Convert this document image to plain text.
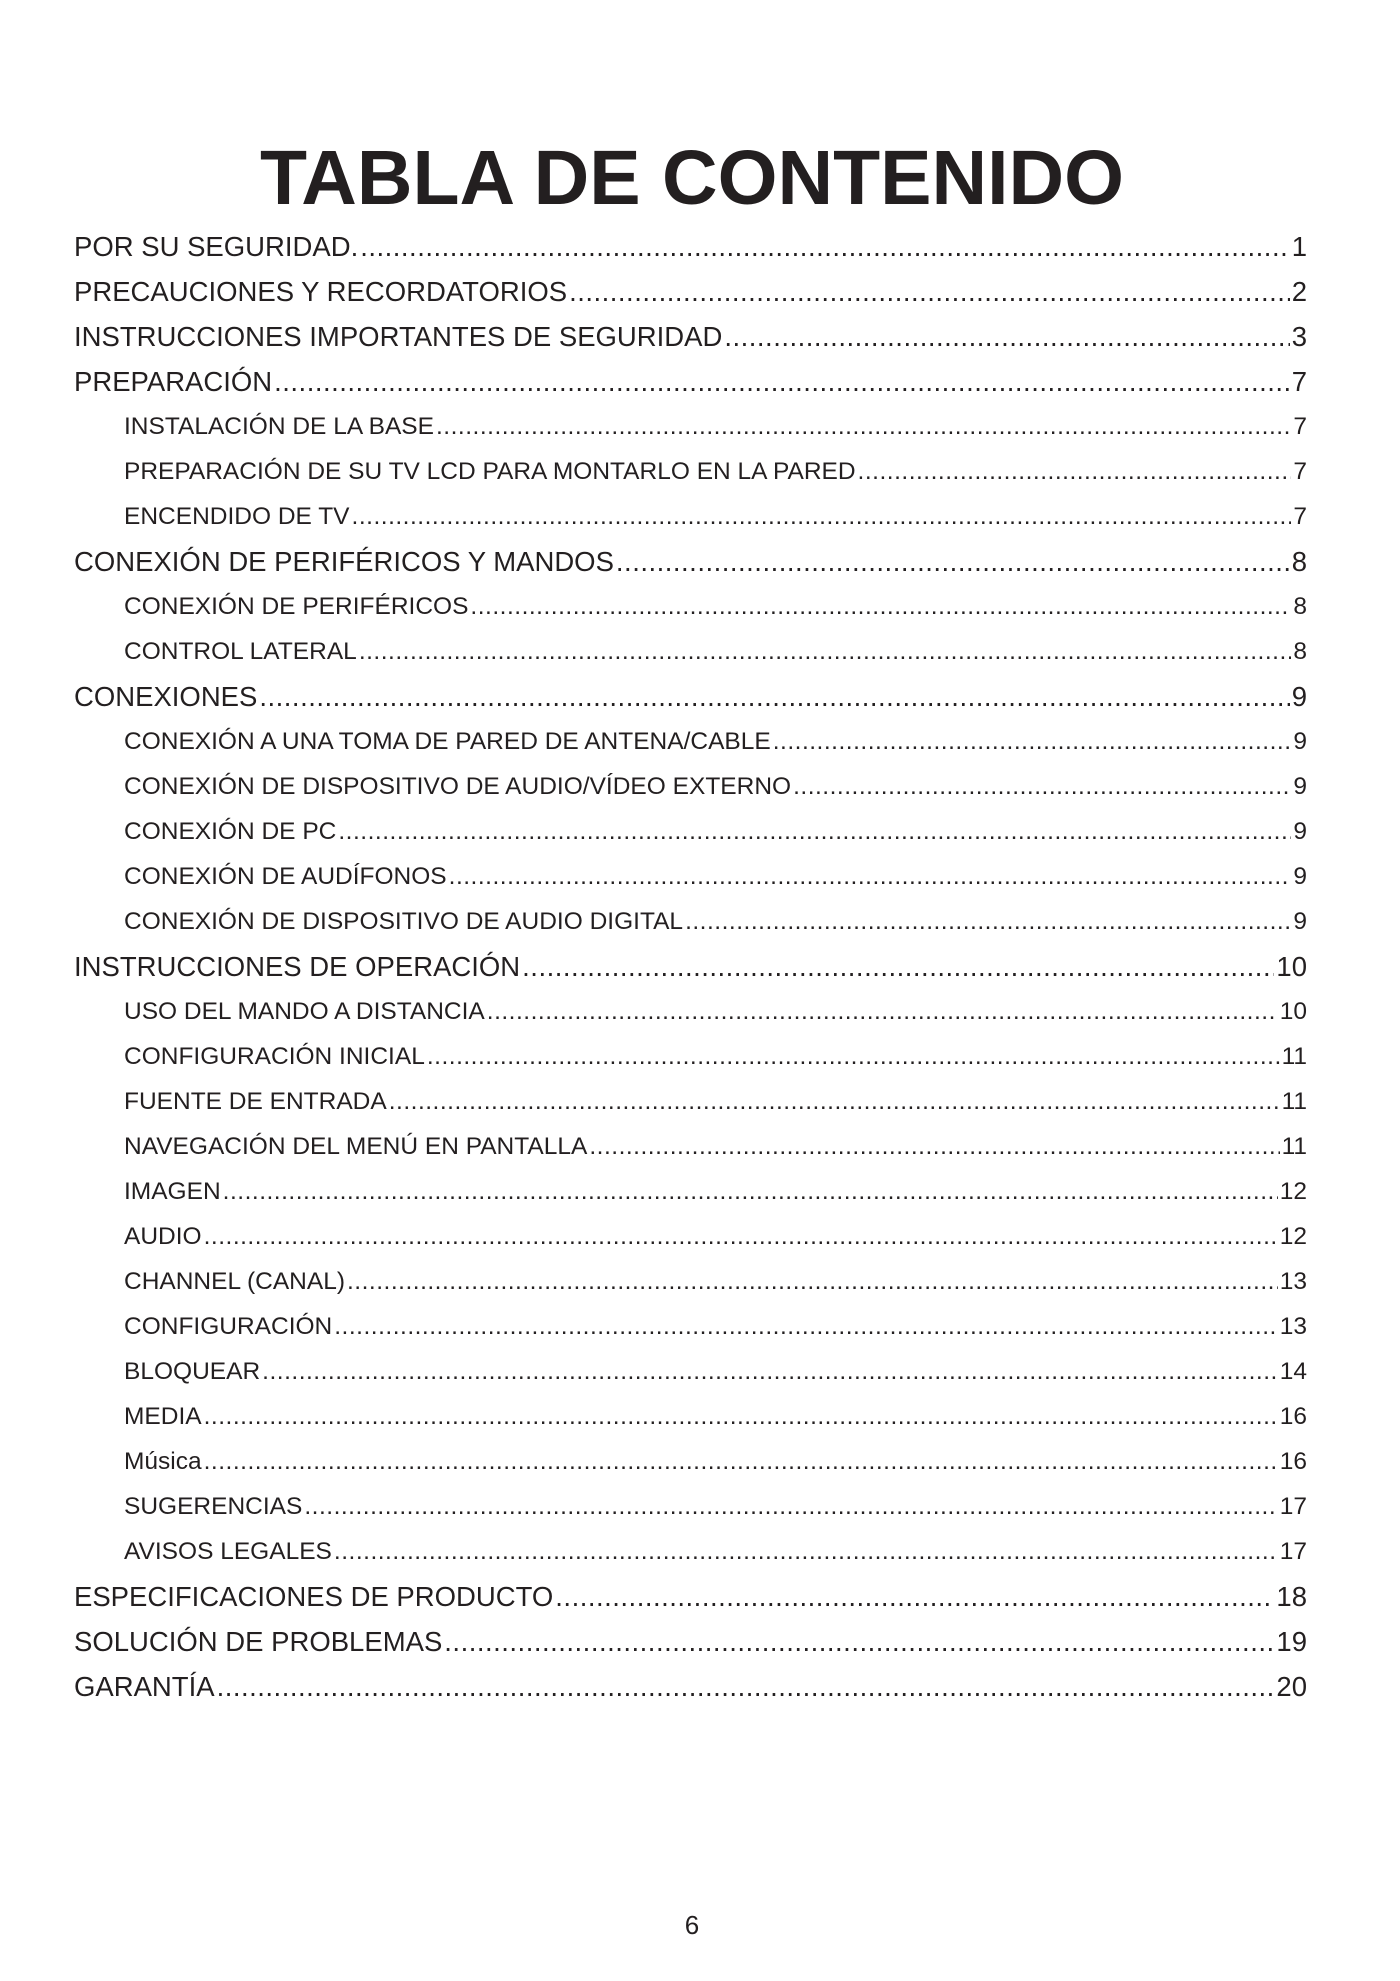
TABLA DE CONTENIDO
POR SU SEGURIDAD. .....	1
PRECAUCIONES Y RECORDATORIOS .....	2
INSTRUCCIONES IMPORTANTES DE SEGURIDAD .....	3
PREPARACIÓN .....	7
INSTALACIÓN DE LA BASE .....	7
PREPARACIÓN DE SU TV LCD PARA MONTARLO EN LA PARED .....	7
ENCENDIDO DE TV .....	7
CONEXIÓN DE PERIFÉRICOS Y MANDOS .....	8
CONEXIÓN DE PERIFÉRICOS .....	8
CONTROL LATERAL .....	8
CONEXIONES .....	9
CONEXIÓN A UNA TOMA DE PARED DE ANTENA/CABLE .....	9
CONEXIÓN DE DISPOSITIVO DE AUDIO/VÍDEO EXTERNO .....	9
CONEXIÓN DE PC .....	9
CONEXIÓN DE AUDÍFONOS .....	9
CONEXIÓN DE DISPOSITIVO DE AUDIO DIGITAL .....	9
INSTRUCCIONES DE OPERACIÓN .....	10
USO DEL MANDO A DISTANCIA .....	10
CONFIGURACIÓN INICIAL .....	11
FUENTE DE ENTRADA .....	11
NAVEGACIÓN DEL MENÚ EN PANTALLA .....	11
IMAGEN .....	12
AUDIO .....	12
CHANNEL (CANAL) .....	13
CONFIGURACIÓN .....	13
BLOQUEAR .....	14
MEDIA .....	16
Música .....	16
SUGERENCIAS .....	17
AVISOS LEGALES .....	17
ESPECIFICACIONES DE PRODUCTO .....	18
SOLUCIÓN DE PROBLEMAS .....	19
GARANTÍA .....	20

6
